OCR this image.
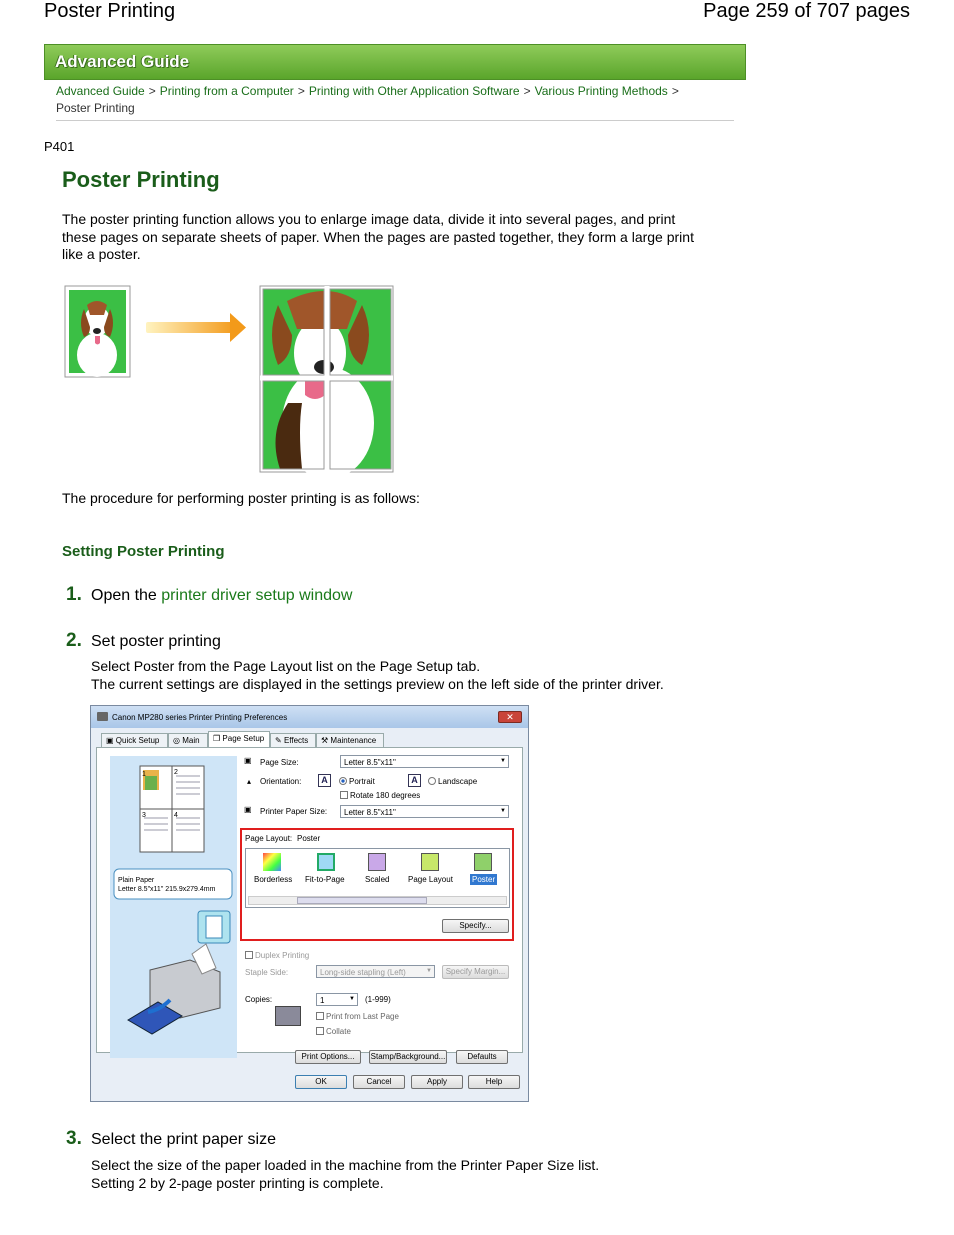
Poster Printing	Page 259 of 707 pages
Advanced Guide
Advanced Guide > Printing from a Computer > Printing with Other Application Software > Various Printing Methods >
Poster Printing
P401
Poster Printing

The poster printing function allows you to enlarge image data, divide it into several pages, and print these pages on separate sheets of paper. When the pages are pasted together, they form a large print like a poster.

The procedure for performing poster printing is as follows:

Setting Poster Printing
1. Open the printer driver setup window
2. Set poster printing
Select Poster from the Page Layout list on the Page Setup tab.
The current settings are displayed in the settings preview on the left side of the printer driver.
Canon MP280 series Printer Printing Preferences	✕
▣ Quick Setup	◎ Main	❒ Page Setup	✎ Effects	⚒ Maintenance
1	2
3	4
Plain Paper
Letter 8.5"x11" 215.9x279.4mm
▣ Page Size:	Letter 8.5"x11" ▼
▴ Orientation:	A	Portrait	A	Landscape
Rotate 180 degrees
▣ Printer Paper Size:	Letter 8.5"x11" ▼
Page Layout: Poster
Borderless Fit-to-Page	Scaled Page Layout Poster
Specify...
Duplex Printing
Staple Side:	Long-side stapling (Left) ▼	Specify Margin...
Copies:	1 ▼	(1-999)
Print from Last Page
Collate
Print Options...	Stamp/Background...	Defaults
OK	Cancel	Apply	Help
3. Select the print paper size
Select the size of the paper loaded in the machine from the Printer Paper Size list.
Setting 2 by 2-page poster printing is complete.
